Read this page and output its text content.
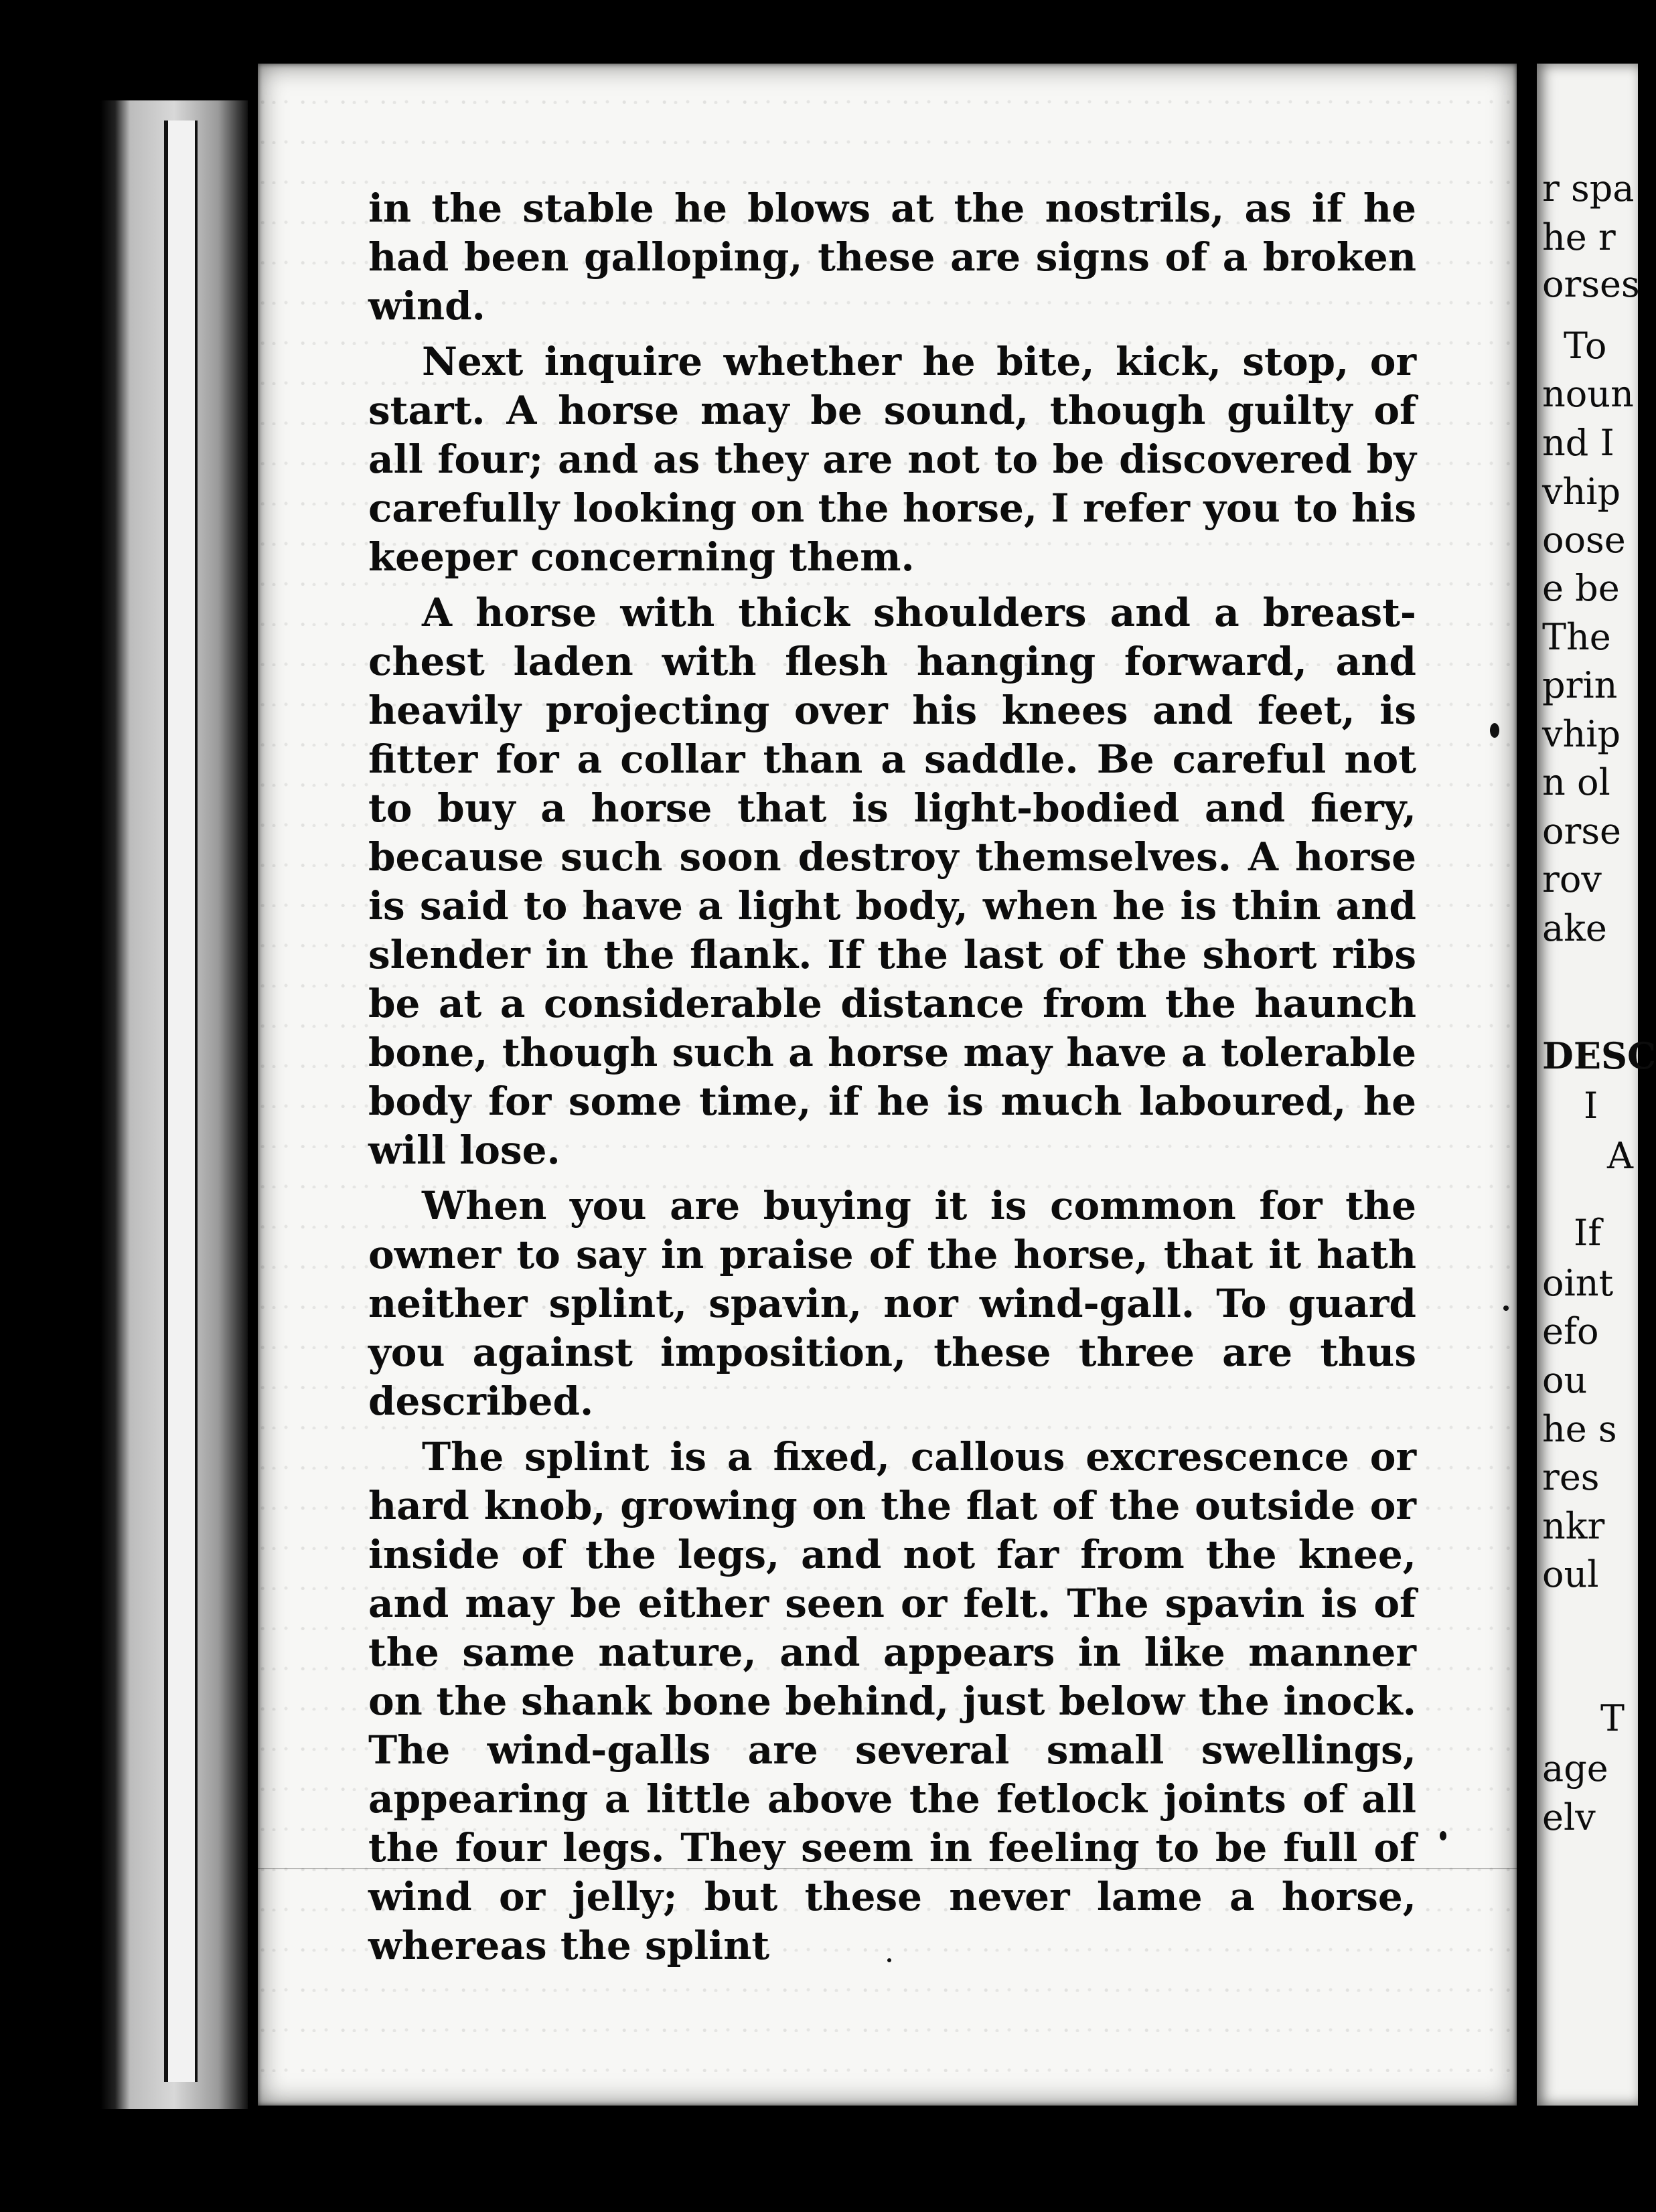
in the stable he blows at the nostrils, as if he had been galloping, these are signs of a broken wind.

Next inquire whether he bite, kick, stop, or start. A horse may be sound, though guilty of all four; and as they are not to be discovered by carefully looking on the horse, I refer you to his keeper concerning them.

A horse with thick shoulders and a breast-chest laden with flesh hanging forward, and heavily projecting over his knees and feet, is fitter for a collar than a saddle. Be careful not to buy a horse that is light-bodied and fiery, because such soon destroy themselves. A horse is said to have a light body, when he is thin and slender in the flank. If the last of the short ribs be at a considerable distance from the haunch bone, though such a horse may have a tolerable body for some time, if he is much laboured, he will lose.

When you are buying it is common for the owner to say in praise of the horse, that it hath neither splint, spavin, nor wind-gall. To guard you against imposition, these three are thus described.

The splint is a fixed, callous excrescence or hard knob, growing on the flat of the outside or inside of the legs, and not far from the knee, and may be either seen or felt. The spavin is of the same nature, and appears in like manner on the shank bone behind, just below the inock. The wind-galls are several small swellings, appearing a little above the fetlock joints of all the four legs. They seem in feeling to be full of wind or jelly; but these never lame a horse, whereas the splint

r spa
he r
orses
To
noun
nd I
vhip
oose
e be
The
prin
vhip
n ol
orse
rov
ake
DESC
I
A
If
oint
efo
ou
he s
res
nkr
oul
T
age
elv
